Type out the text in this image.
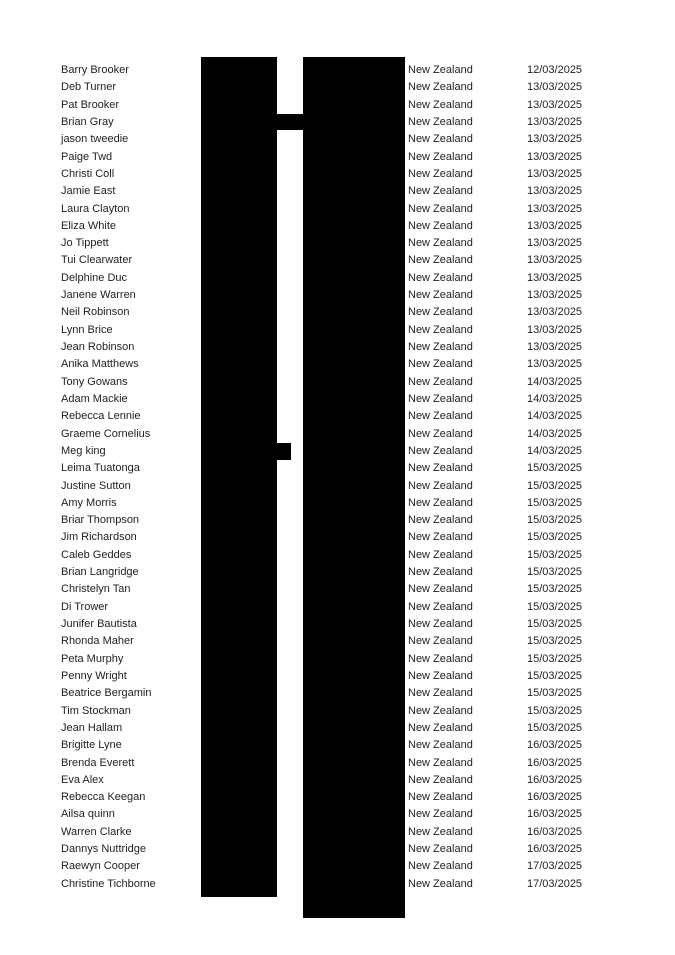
Barry Brooker	New Zealand	12/03/2025
Deb Turner	New Zealand	13/03/2025
Pat Brooker	New Zealand	13/03/2025
Brian Gray	New Zealand	13/03/2025
jason tweedie	New Zealand	13/03/2025
Paige Twd	New Zealand	13/03/2025
Christi Coll	New Zealand	13/03/2025
Jamie East	New Zealand	13/03/2025
Laura Clayton	New Zealand	13/03/2025
Eliza White	New Zealand	13/03/2025
Jo Tippett	New Zealand	13/03/2025
Tui Clearwater	New Zealand	13/03/2025
Delphine Duc	New Zealand	13/03/2025
Janene Warren	New Zealand	13/03/2025
Neil Robinson	New Zealand	13/03/2025
Lynn Brice	New Zealand	13/03/2025
Jean Robinson	New Zealand	13/03/2025
Anika Matthews	New Zealand	13/03/2025
Tony Gowans	New Zealand	14/03/2025
Adam Mackie	New Zealand	14/03/2025
Rebecca Lennie	New Zealand	14/03/2025
Graeme Cornelius	New Zealand	14/03/2025
Meg king	New Zealand	14/03/2025
Leima Tuatonga	New Zealand	15/03/2025
Justine Sutton	New Zealand	15/03/2025
Amy Morris	New Zealand	15/03/2025
Briar Thompson	New Zealand	15/03/2025
Jim Richardson	New Zealand	15/03/2025
Caleb Geddes	New Zealand	15/03/2025
Brian Langridge	New Zealand	15/03/2025
Christelyn Tan	New Zealand	15/03/2025
Di Trower	New Zealand	15/03/2025
Junifer Bautista	New Zealand	15/03/2025
Rhonda Maher	New Zealand	15/03/2025
Peta Murphy	New Zealand	15/03/2025
Penny Wright	New Zealand	15/03/2025
Beatrice Bergamin	New Zealand	15/03/2025
Tim Stockman	New Zealand	15/03/2025
Jean Hallam	New Zealand	15/03/2025
Brigitte Lyne	New Zealand	16/03/2025
Brenda Everett	New Zealand	16/03/2025
Eva Alex	New Zealand	16/03/2025
Rebecca Keegan	New Zealand	16/03/2025
Ailsa quinn	New Zealand	16/03/2025
Warren Clarke	New Zealand	16/03/2025
Dannys Nuttridge	New Zealand	16/03/2025
Raewyn Cooper	New Zealand	17/03/2025
Christine Tichborne	New Zealand	17/03/2025
